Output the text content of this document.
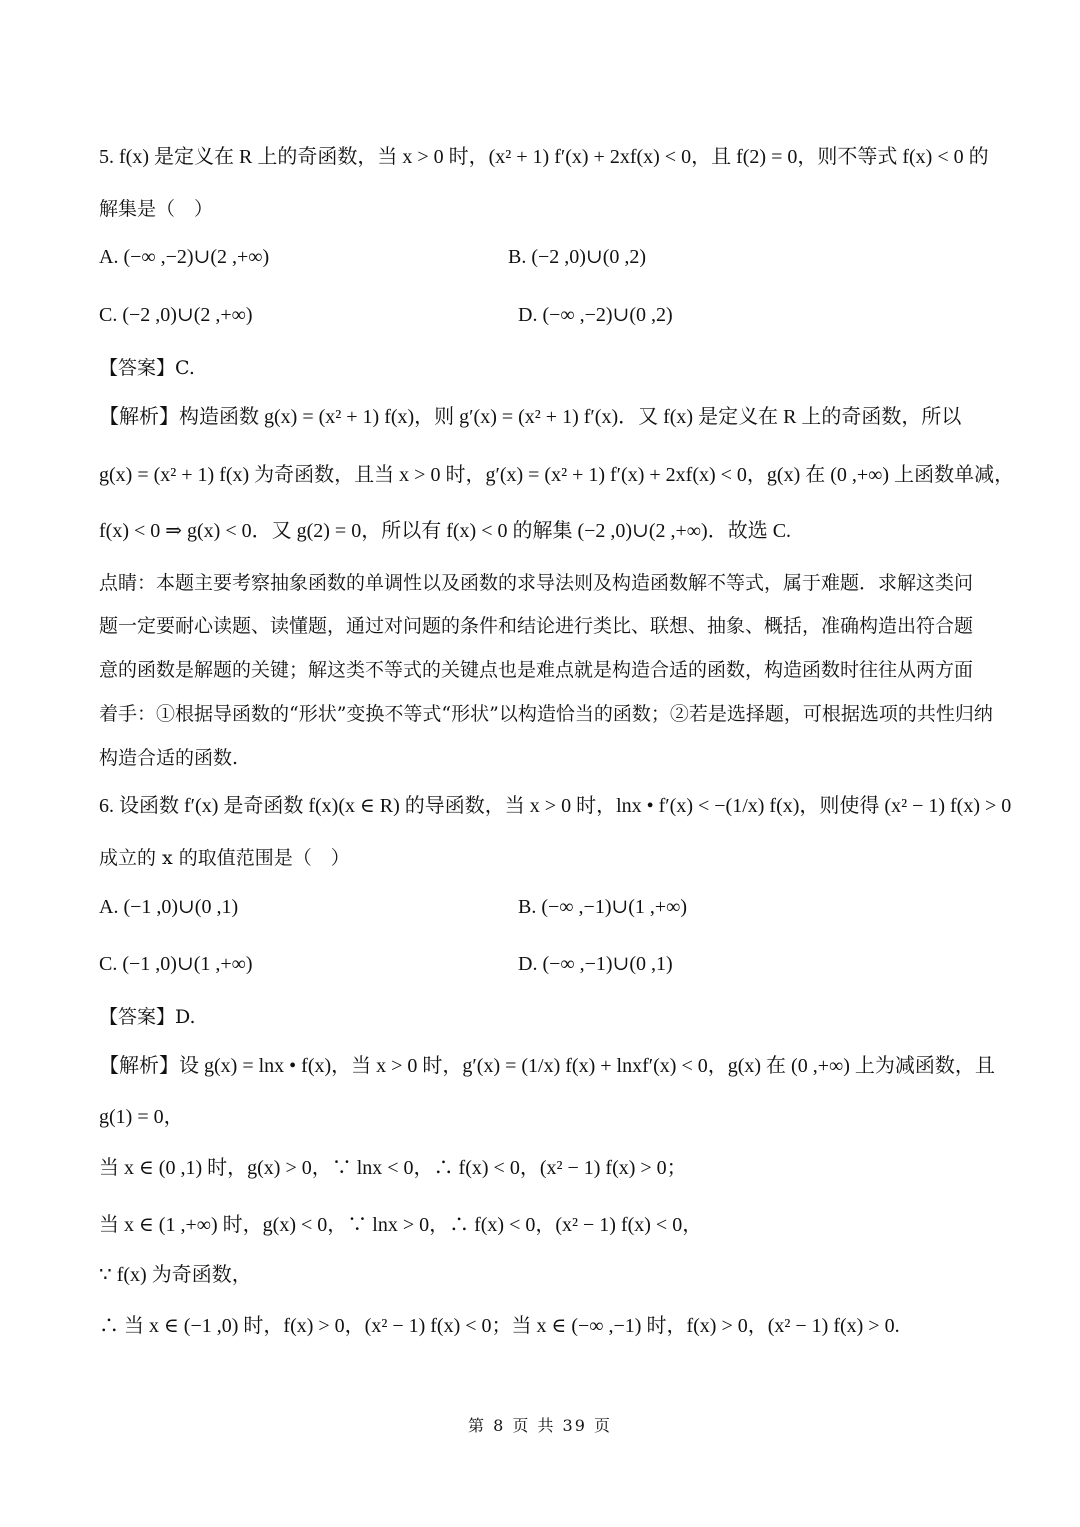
5. f(x) 是定义在 R 上的奇函数，当 x > 0 时，(x² + 1) f′(x) + 2xf(x) < 0，且 f(2) = 0，则不等式 f(x) < 0 的
解集是（　）
A. (−∞ ,−2)∪(2 ,+∞)	B. (−2 ,0)∪(0 ,2)
C. (−2 ,0)∪(2 ,+∞)	D. (−∞ ,−2)∪(0 ,2)
【答案】C.
【解析】构造函数 g(x) = (x² + 1) f(x)，则 g′(x) = (x² + 1) f′(x)．又 f(x) 是定义在 R 上的奇函数，所以
g(x) = (x² + 1) f(x) 为奇函数，且当 x > 0 时，g′(x) = (x² + 1) f′(x) + 2xf(x) < 0，g(x) 在 (0 ,+∞) 上函数单减，
f(x) < 0 ⇒ g(x) < 0．又 g(2) = 0，所以有 f(x) < 0 的解集 (−2 ,0)∪(2 ,+∞)．故选 C.
点睛：本题主要考察抽象函数的单调性以及函数的求导法则及构造函数解不等式，属于难题．求解这类问
题一定要耐心读题、读懂题，通过对问题的条件和结论进行类比、联想、抽象、概括，准确构造出符合题
意的函数是解题的关键；解这类不等式的关键点也是难点就是构造合适的函数，构造函数时往往从两方面
着手：①根据导函数的“形状”变换不等式“形状”以构造恰当的函数；②若是选择题，可根据选项的共性归纳
构造合适的函数.
6. 设函数 f′(x) 是奇函数 f(x)(x ∈ R) 的导函数，当 x > 0 时，lnx • f′(x) < −(1/x) f(x)，则使得 (x² − 1) f(x) > 0
成立的 x 的取值范围是（　）
A. (−1 ,0)∪(0 ,1)	B. (−∞ ,−1)∪(1 ,+∞)
C. (−1 ,0)∪(1 ,+∞)	D. (−∞ ,−1)∪(0 ,1)
【答案】D.
【解析】设 g(x) = lnx • f(x)，当 x > 0 时，g′(x) = (1/x) f(x) + lnxf′(x) < 0，g(x) 在 (0 ,+∞) 上为减函数，且
g(1) = 0，
当 x ∈ (0 ,1) 时，g(x) > 0，∵ lnx < 0，∴ f(x) < 0，(x² − 1) f(x) > 0；
当 x ∈ (1 ,+∞) 时，g(x) < 0，∵ lnx > 0，∴ f(x) < 0，(x² − 1) f(x) < 0，
∵ f(x) 为奇函数，
∴ 当 x ∈ (−1 ,0) 时，f(x) > 0，(x² − 1) f(x) < 0；当 x ∈ (−∞ ,−1) 时，f(x) > 0，(x² − 1) f(x) > 0.
第 8 页 共 39 页
